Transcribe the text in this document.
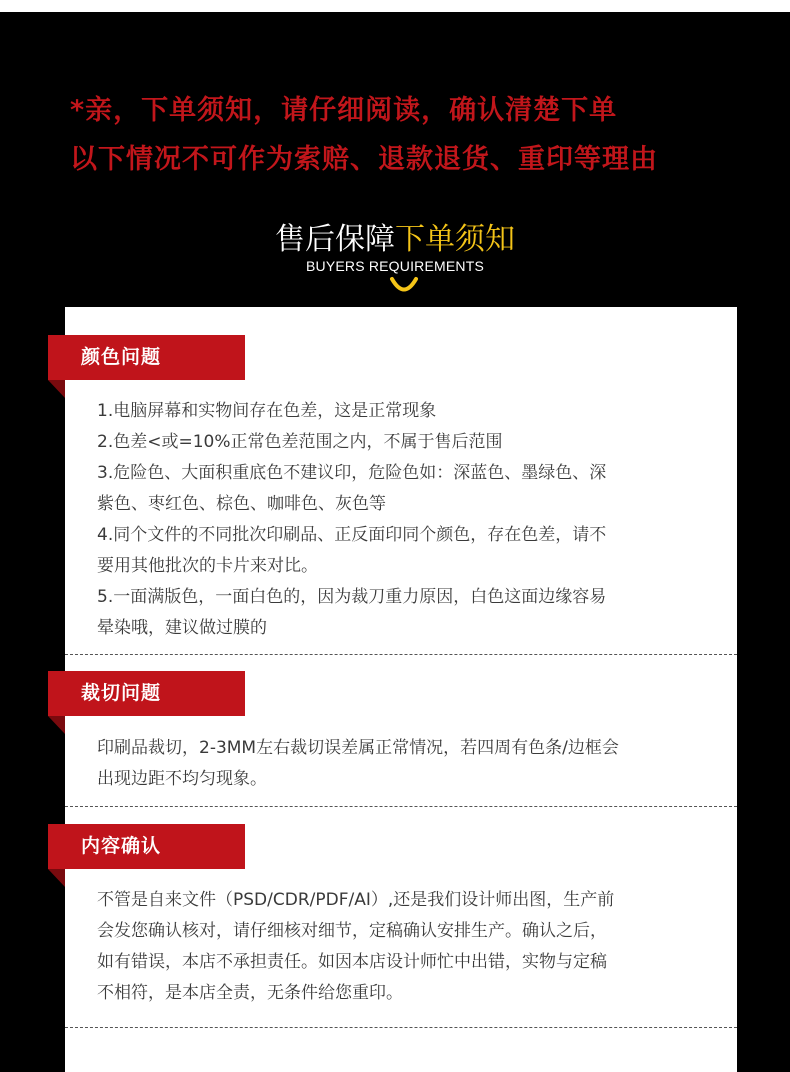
*亲，下单须知，请仔细阅读，确认清楚下单
以下情况不可作为索赔、退款退货、重印等理由
售后保障下单须知
BUYERS REQUIREMENTS
颜色问题
1.电脑屏幕和实物间存在色差，这是正常现象
2.色差<或=10%正常色差范围之内，不属于售后范围
3.危险色、大面积重底色不建议印，危险色如：深蓝色、墨绿色、深
紫色、枣红色、棕色、咖啡色、灰色等
4.同个文件的不同批次印刷品、正反面印同个颜色，存在色差，请不
要用其他批次的卡片来对比。
5.一面满版色，一面白色的，因为裁刀重力原因，白色这面边缘容易
晕染哦，建议做过膜的
裁切问题
印刷品裁切，2-3MM左右裁切误差属正常情况，若四周有色条/边框会
出现边距不均匀现象。
内容确认
不管是自来文件（PSD/CDR/PDF/AI）,还是我们设计师出图，生产前
会发您确认核对，请仔细核对细节，定稿确认安排生产。确认之后，
如有错误，本店不承担责任。如因本店设计师忙中出错，实物与定稿
不相符，是本店全责，无条件给您重印。
